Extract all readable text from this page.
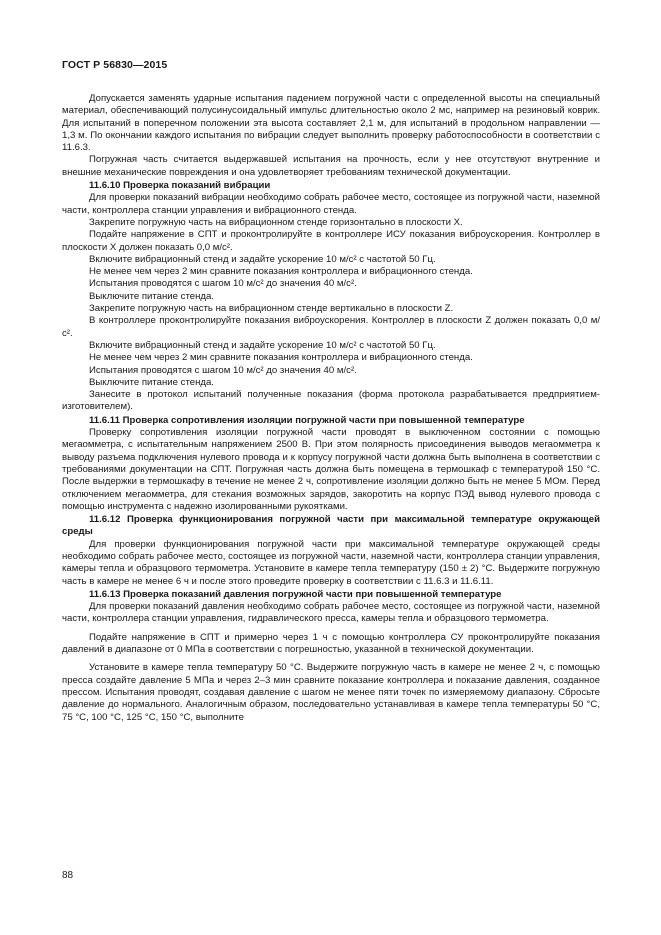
ГОСТ Р 56830—2015

Допускается заменять ударные испытания падением погружной части с определенной высоты на специальный материал, обеспечивающий полусинусоидальный импульс длительностью около 2 мс, например на резиновый коврик. Для испытаний в поперечном положении эта высота составляет 2,1 м, для испытаний в продольном направлении — 1,3 м. По окончании каждого испытания по вибрации следует выполнить проверку работоспособности в соответствии с 11.6.3.

Погружная часть считается выдержавшей испытания на прочность, если у нее отсутствуют внутренние и внешние механические повреждения и она удовлетворяет требованиям технической документации.

11.6.10 Проверка показаний вибрации

Для проверки показаний вибрации необходимо собрать рабочее место, состоящее из погружной части, наземной части, контроллера станции управления и вибрационного стенда.

Закрепите погружную часть на вибрационном стенде горизонтально в плоскости X.

Подайте напряжение в СПТ и проконтролируйте в контроллере ИСУ показания виброускорения. Контроллер в плоскости X должен показать 0,0 м/с².

Включите вибрационный стенд и задайте ускорение 10 м/с² с частотой 50 Гц.

Не менее чем через 2 мин сравните показания контроллера и вибрационного стенда.

Испытания проводятся с шагом 10 м/с² до значения 40 м/с².

Выключите питание стенда.

Закрепите погружную часть на вибрационном стенде вертикально в плоскости Z.

В контроллере проконтролируйте показания виброускорения. Контроллер в плоскости Z должен показать 0,0 м/с².

Включите вибрационный стенд и задайте ускорение 10 м/с² с частотой 50 Гц.

Не менее чем через 2 мин сравните показания контроллера и вибрационного стенда.

Испытания проводятся с шагом 10 м/с² до значения 40 м/с².

Выключите питание стенда.

Занесите в протокол испытаний полученные показания (форма протокола разрабатывается предприятием-изготовителем).

11.6.11 Проверка сопротивления изоляции погружной части при повышенной температуре

Проверку сопротивления изоляции погружной части проводят в выключенном состоянии с помощью мегаомметра, с испытательным напряжением 2500 В. При этом полярность присоединения выводов мегаомметра к выводу разъема подключения нулевого провода и к корпусу погружной части должна быть выполнена в соответствии с требованиями документации на СПТ. Погружная часть должна быть помещена в термошкаф с температурой 150 °С. После выдержки в термошкафу в течение не менее 2 ч, сопротивление изоляции должно быть не менее 5 МОм. Перед отключением мегаомметра, для стекания возможных зарядов, закоротить на корпус ПЭД вывод нулевого провода с помощью инструмента с надежно изолированными рукоятками.

11.6.12 Проверка функционирования погружной части при максимальной температуре окружающей среды

Для проверки функционирования погружной части при максимальной температуре окружающей среды необходимо собрать рабочее место, состоящее из погружной части, наземной части, контроллера станции управления, камеры тепла и образцового термометра. Установите в камере тепла температуру (150 ± 2) °С. Выдержите погружную часть в камере не менее 6 ч и после этого проведите проверку в соответствии с 11.6.3 и 11.6.11.

11.6.13 Проверка показаний давления погружной части при повышенной температуре

Для проверки показаний давления необходимо собрать рабочее место, состоящее из погружной части, наземной части, контроллера станции управления, гидравлического пресса, камеры тепла и образцового термометра.

Подайте напряжение в СПТ и примерно через 1 ч с помощью контроллера СУ проконтролируйте показания давлений в диапазоне от 0 МПа в соответствии с погрешностью, указанной в технической документации.

Установите в камере тепла температуру 50 °С. Выдержите погружную часть в камере не менее 2 ч, с помощью пресса создайте давление 5 МПа и через 2–3 мин сравните показание контроллера и показание давления, созданное прессом. Испытания проводят, создавая давление с шагом не менее пяти точек по измеряемому диапазону. Сбросьте давление до нормального. Аналогичным образом, последовательно устанавливая в камере тепла температуры 50 °С, 75 °С, 100 °С, 125 °С, 150 °С, выполните

88
